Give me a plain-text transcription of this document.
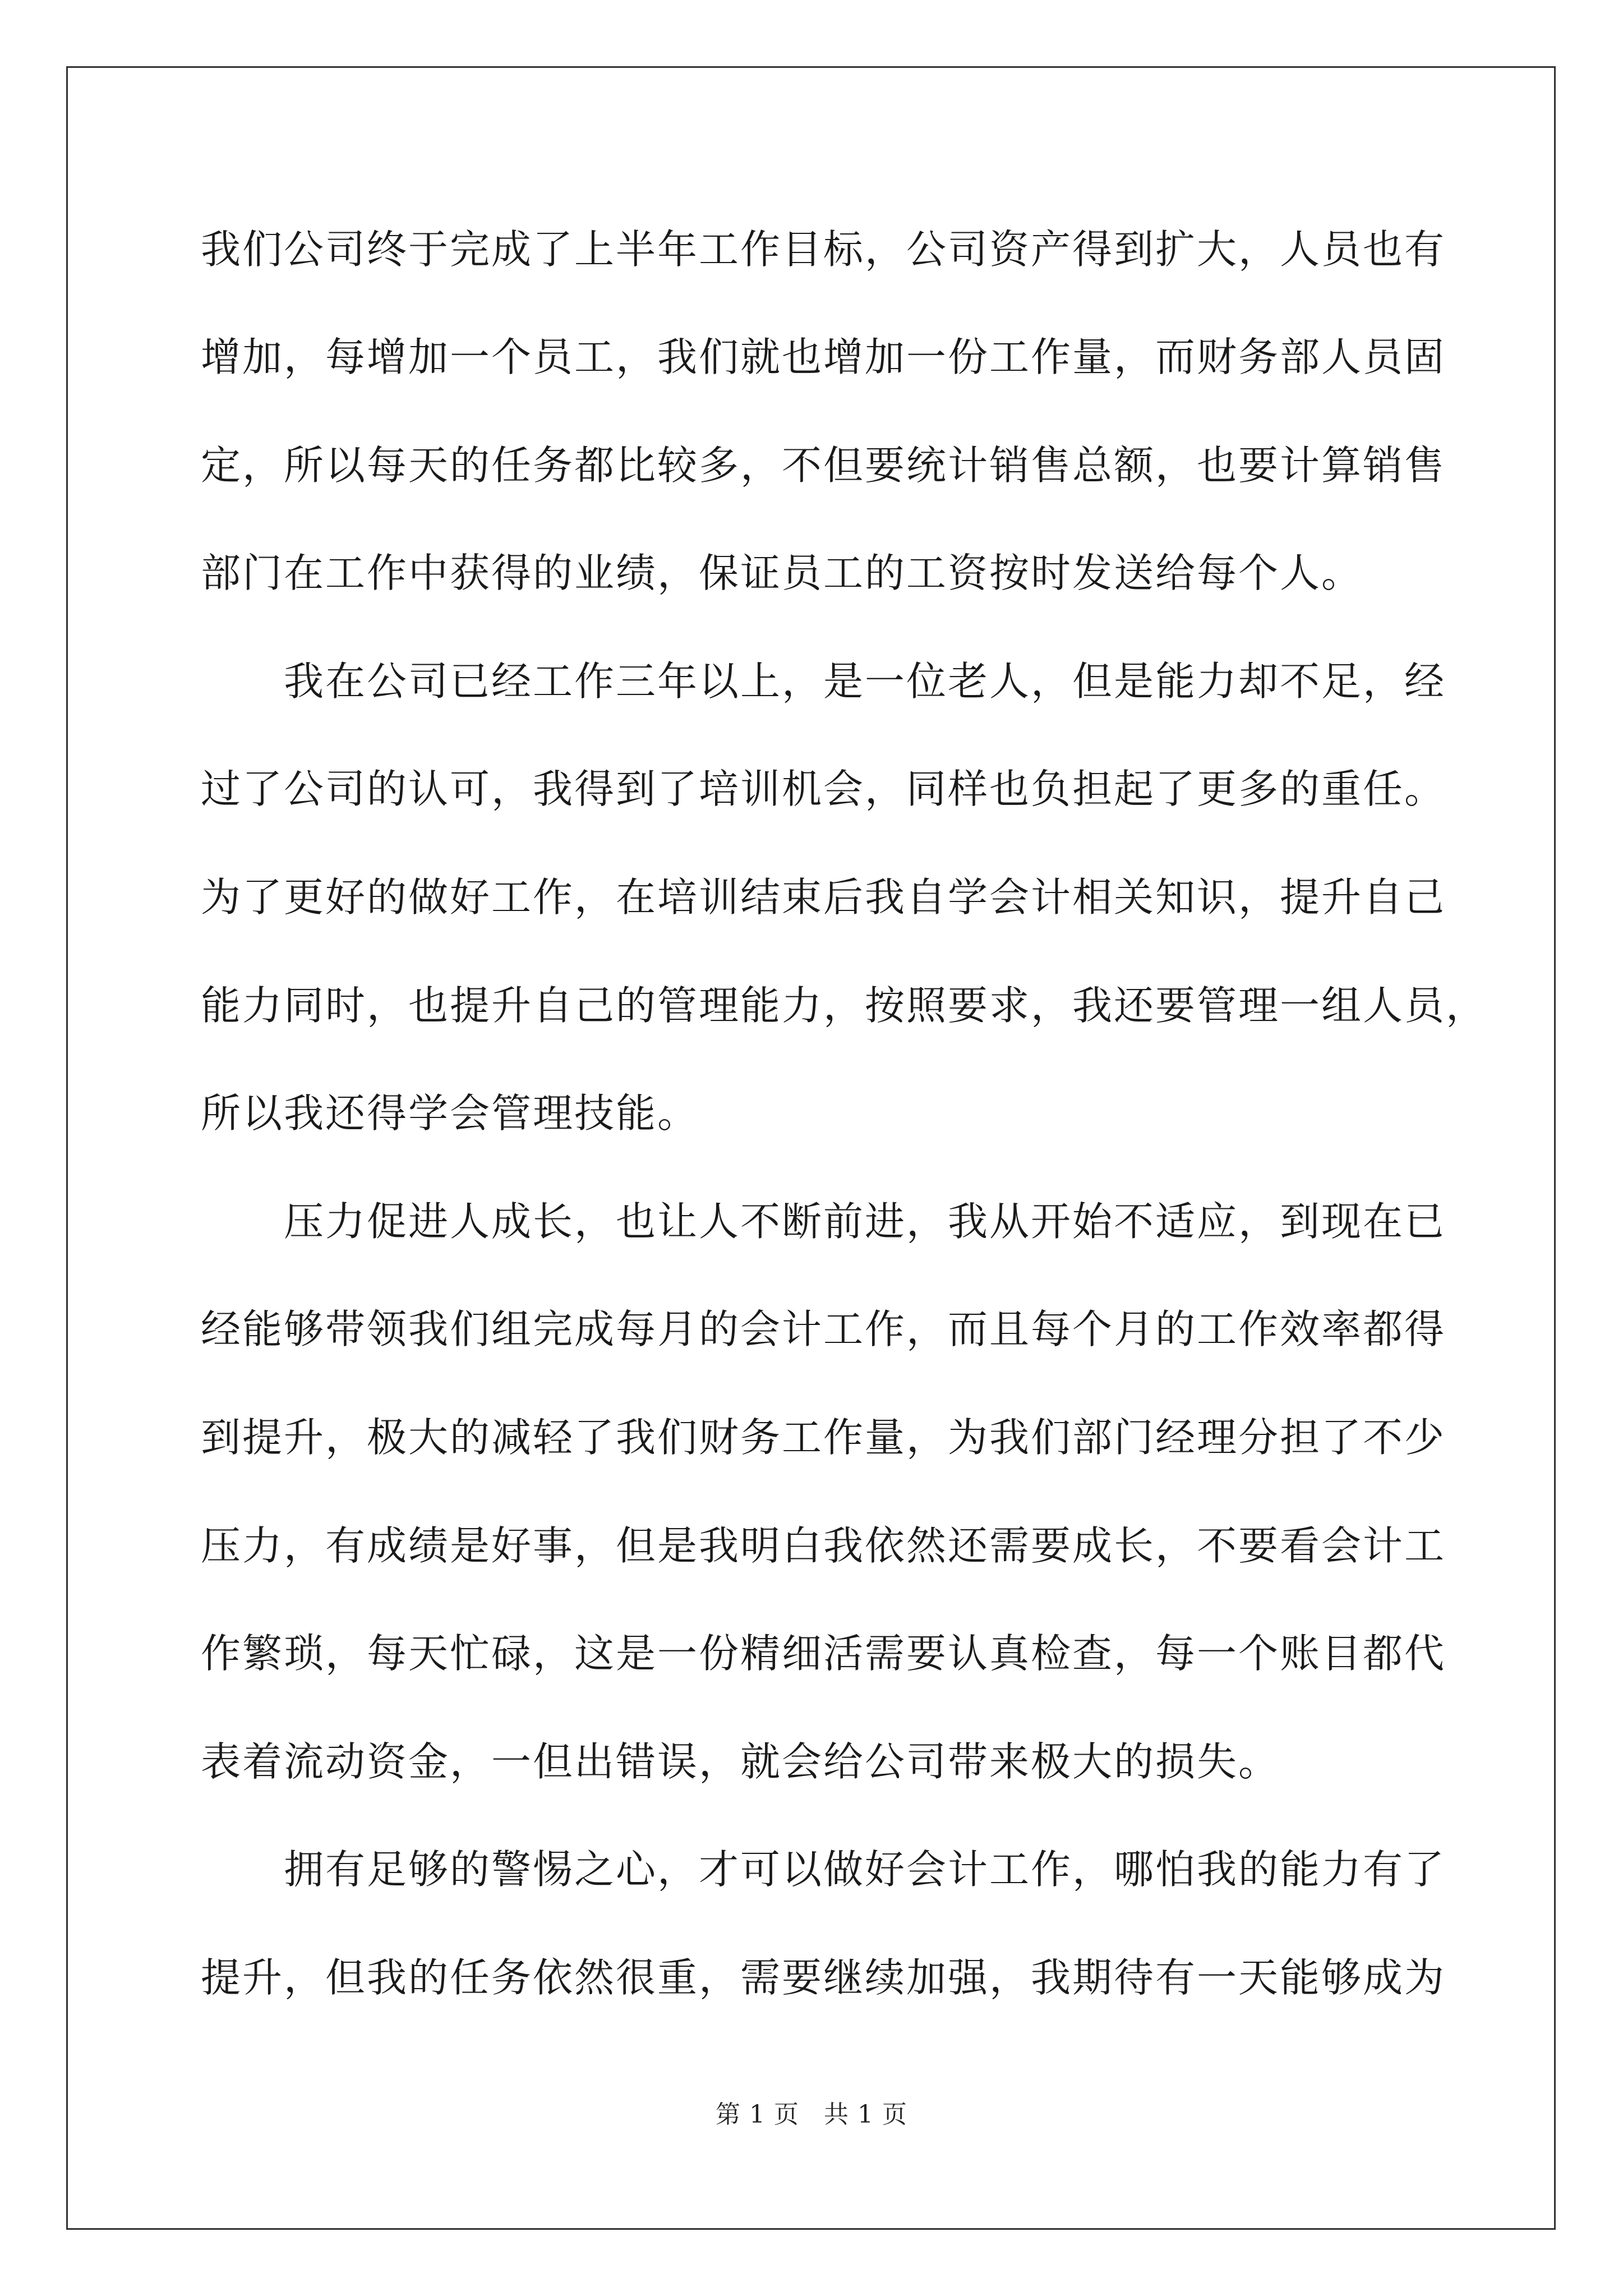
我们公司终于完成了上半年工作目标，公司资产得到扩大，人员也有
增加，每增加一个员工，我们就也增加一份工作量，而财务部人员固
定，所以每天的任务都比较多，不但要统计销售总额，也要计算销售
部门在工作中获得的业绩，保证员工的工资按时发送给每个人。
　　我在公司已经工作三年以上，是一位老人，但是能力却不足，经
过了公司的认可，我得到了培训机会，同样也负担起了更多的重任。
为了更好的做好工作，在培训结束后我自学会计相关知识，提升自己
能力同时，也提升自己的管理能力，按照要求，我还要管理一组人员，
所以我还得学会管理技能。
　　压力促进人成长，也让人不断前进，我从开始不适应，到现在已
经能够带领我们组完成每月的会计工作，而且每个月的工作效率都得
到提升，极大的减轻了我们财务工作量，为我们部门经理分担了不少
压力，有成绩是好事，但是我明白我依然还需要成长，不要看会计工
作繁琐，每天忙碌，这是一份精细活需要认真检查，每一个账目都代
表着流动资金，一但出错误，就会给公司带来极大的损失。
　　拥有足够的警惕之心，才可以做好会计工作，哪怕我的能力有了
提升，但我的任务依然很重，需要继续加强，我期待有一天能够成为
第 1 页 共 1 页
